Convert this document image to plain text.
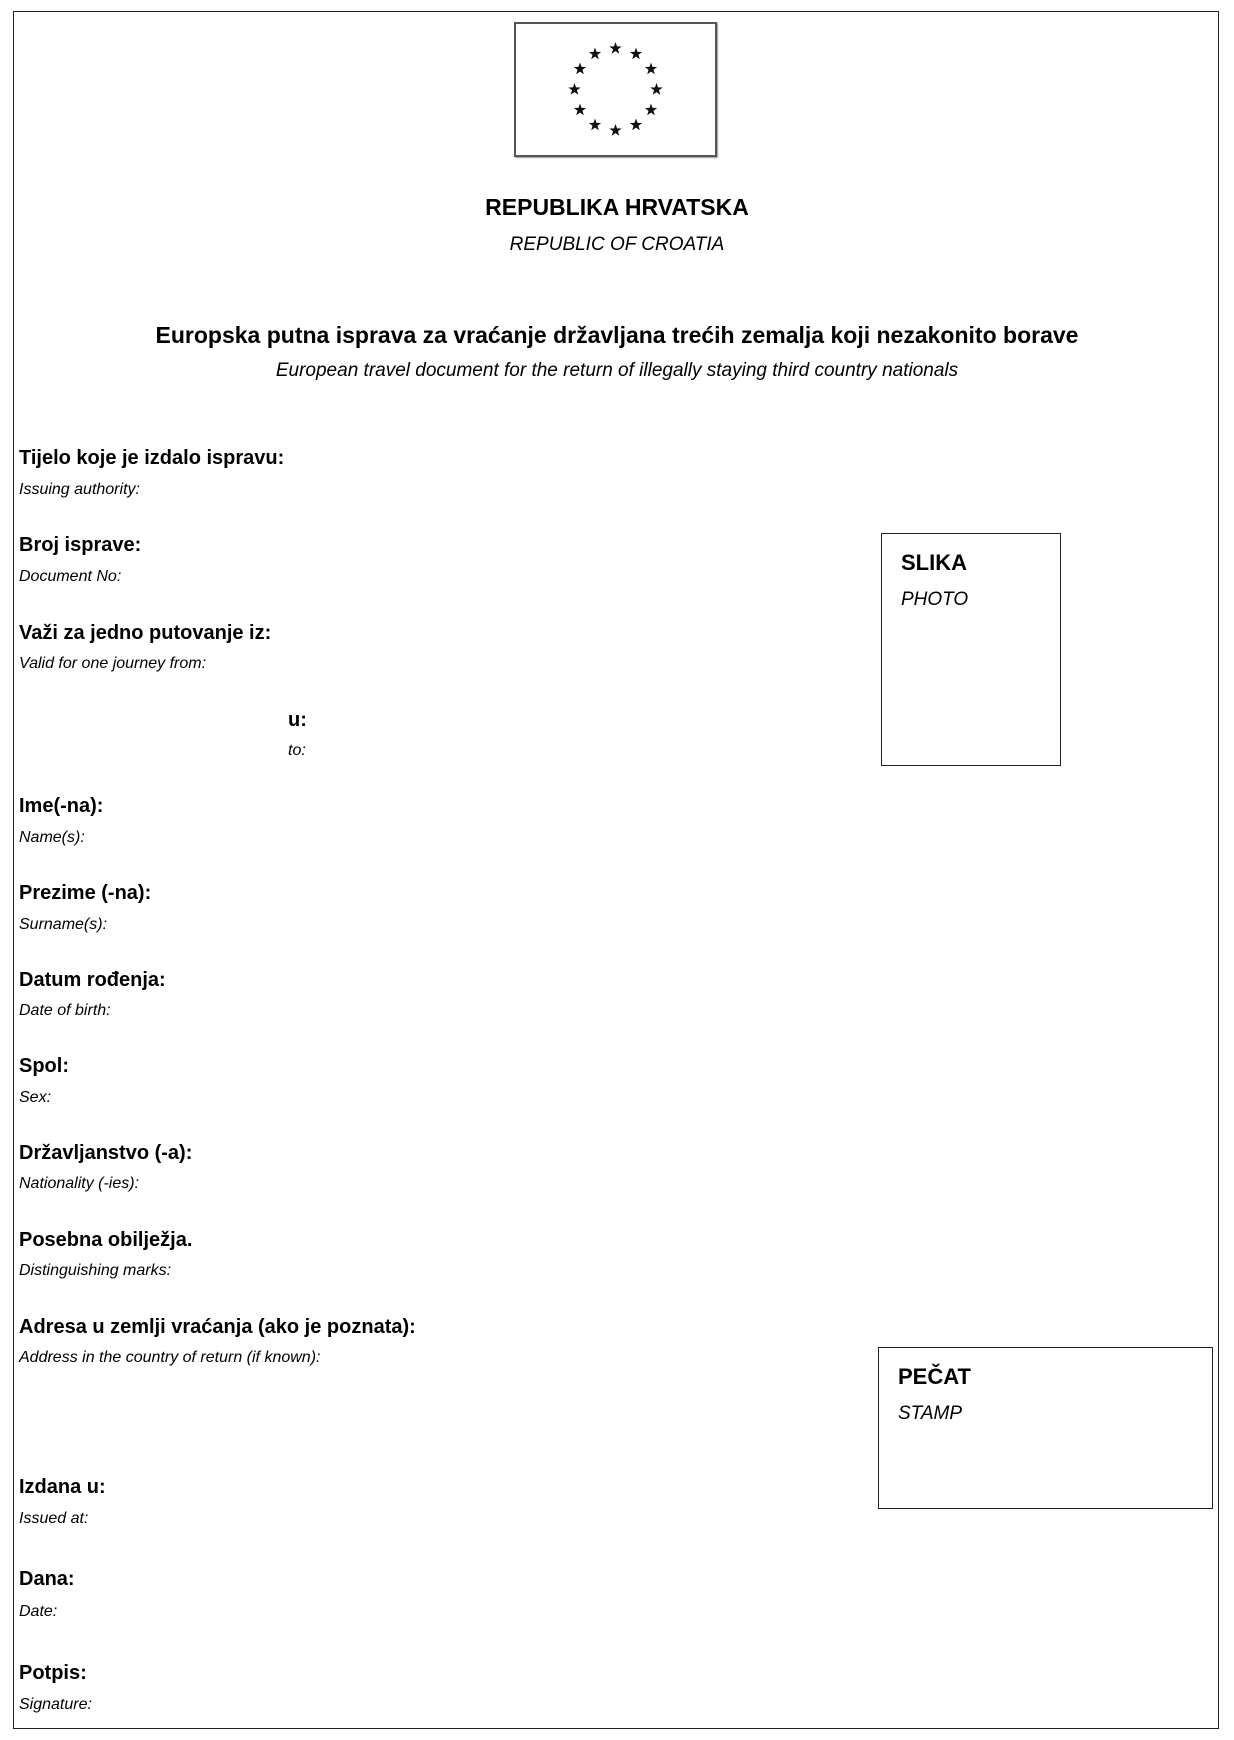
REPUBLIKA HRVATSKA
REPUBLIC OF CROATIA
Europska putna isprava za vraćanje državljana trećih zemalja koji nezakonito borave
European travel document for the return of illegally staying third country nationals
Tijelo koje je izdalo ispravu:
Issuing authority:
Broj isprave:
Document No:
Važi za jedno putovanje iz:
Valid for one journey from:
u:
to:
Ime(-na):
Name(s):
Prezime (-na):
Surname(s):
Datum rođenja:
Date of birth:
Spol:
Sex:
Državljanstvo (-a):
Nationality (-ies):
Posebna obilježja.
Distinguishing marks:
Adresa u zemlji vraćanja (ako je poznata):
Address in the country of return (if known):
Izdana u:
Issued at:
Dana:
Date:
Potpis:
Signature:
SLIKA
PHOTO
PEČAT
STAMP
